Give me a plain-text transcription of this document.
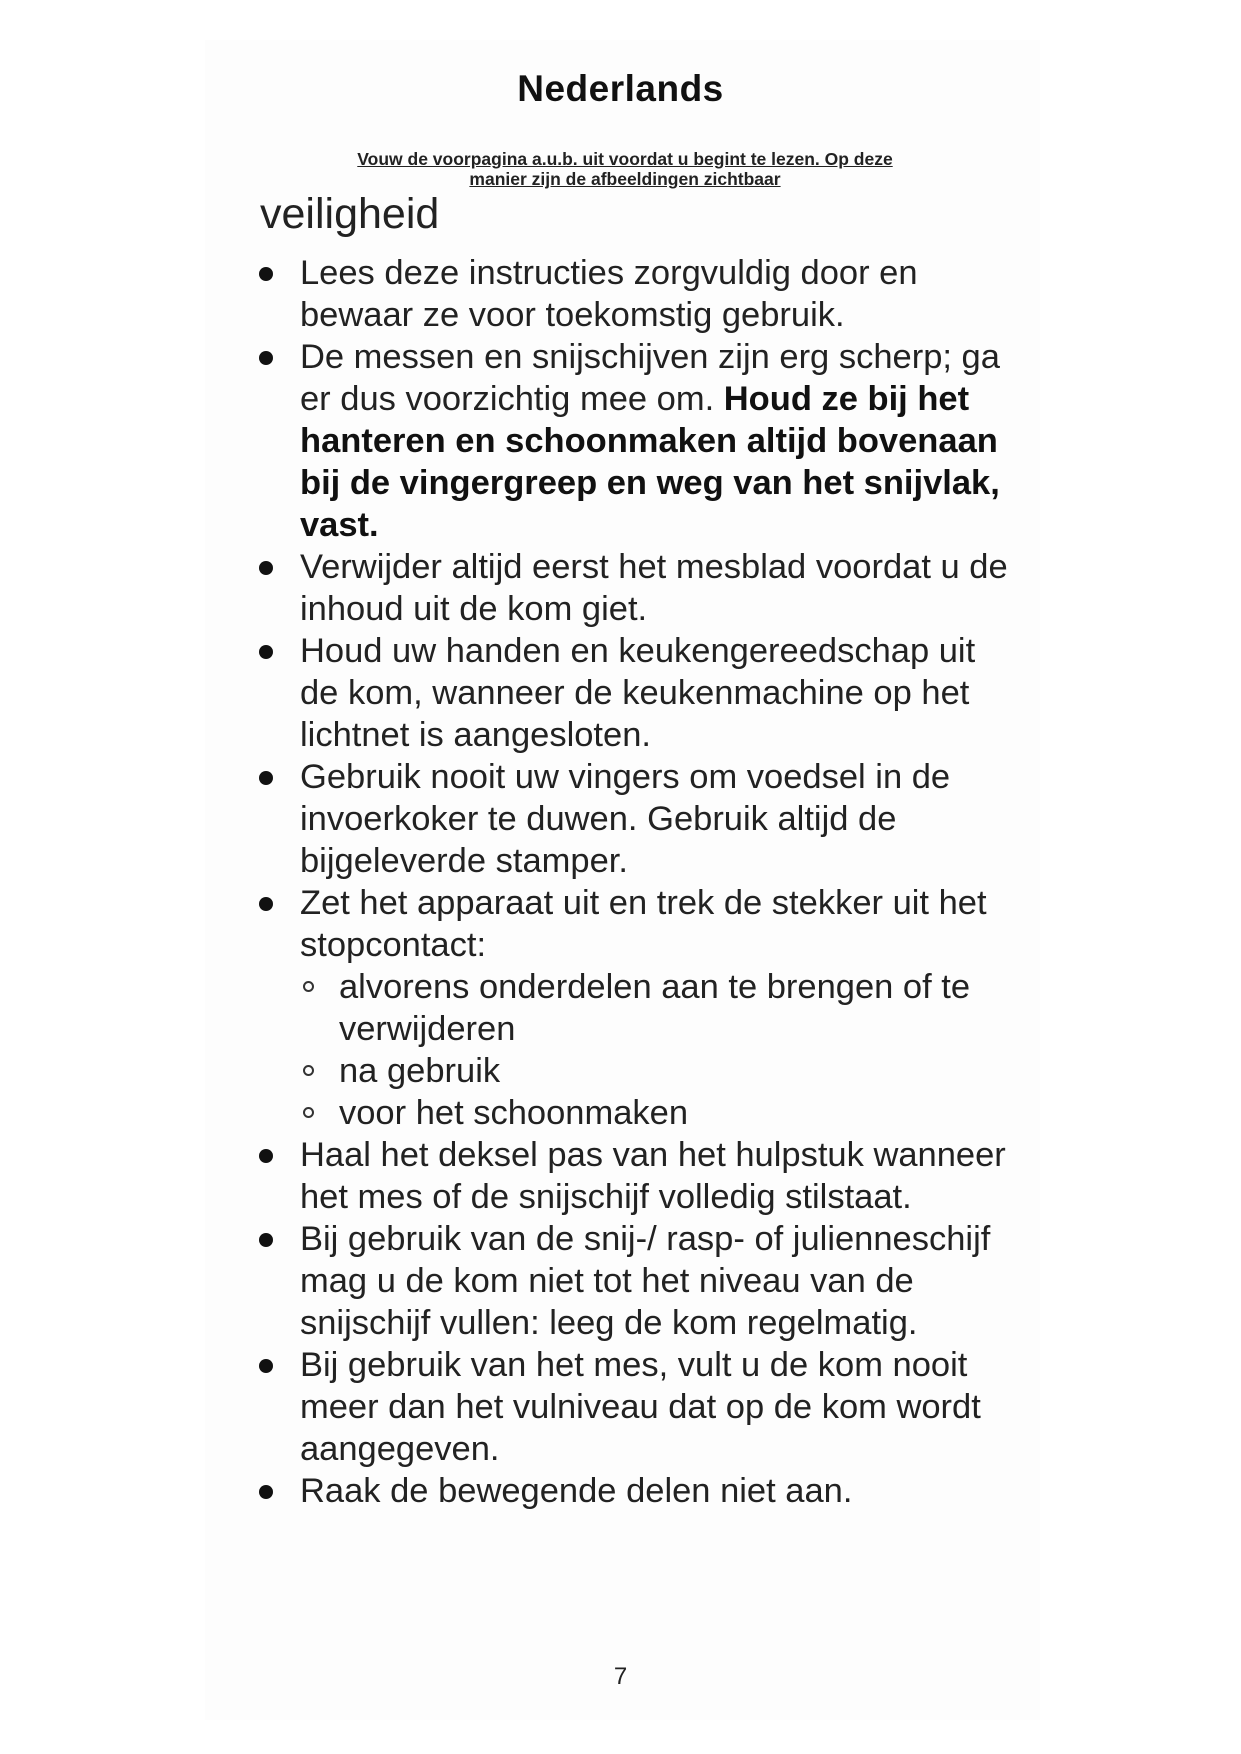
Nederlands
Vouw de voorpagina a.u.b. uit voordat u begint te lezen. Op deze
manier zijn de afbeeldingen zichtbaar
veiligheid
Lees deze instructies zorgvuldig door en bewaar ze voor toekomstig gebruik.
De messen en snijschijven zijn erg scherp; ga er dus voorzichtig mee om. Houd ze bij het hanteren en schoonmaken altijd bovenaan bij de vingergreep en weg van het snijvlak, vast.
Verwijder altijd eerst het mesblad voordat u de inhoud uit de kom giet.
Houd uw handen en keukengereedschap uit de kom, wanneer de keukenmachine op het lichtnet is aangesloten.
Gebruik nooit uw vingers om voedsel in de invoerkoker te duwen. Gebruik altijd de bijgeleverde stamper.
Zet het apparaat uit en trek de stekker uit het stopcontact:
alvorens onderdelen aan te brengen of te verwijderen
na gebruik
voor het schoonmaken
Haal het deksel pas van het hulpstuk wanneer het mes of de snijschijf volledig stilstaat.
Bij gebruik van de snij-/ rasp- of julienneschijf mag u de kom niet tot het niveau van de snijschijf vullen: leeg de kom regelmatig.
Bij gebruik van het mes, vult u de kom nooit meer dan het vulniveau dat op de kom wordt aangegeven.
Raak de bewegende delen niet aan.
7
